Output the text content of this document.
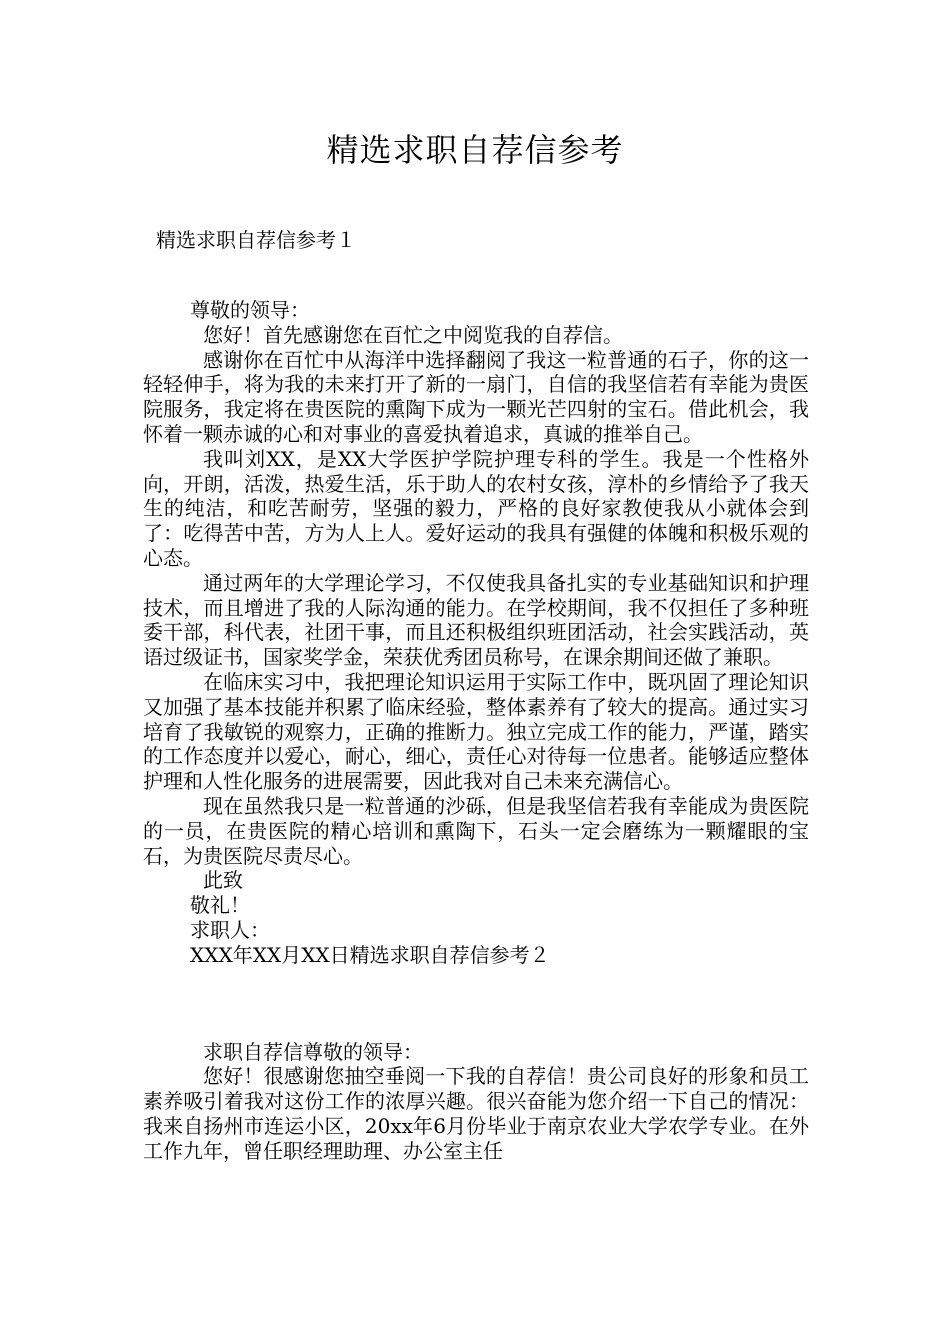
精选求职自荐信参考

精选求职自荐信参考１

尊敬的领导：

您好！首先感谢您在百忙之中阅览我的自荐信。

感谢你在百忙中从海洋中选择翻阅了我这一粒普通的石子，你的这一轻轻伸手，将为我的未来打开了新的一扇门，自信的我坚信若有幸能为贵医院服务，我定将在贵医院的熏陶下成为一颗光芒四射的宝石。借此机会，我怀着一颗赤诚的心和对事业的喜爱执着追求，真诚的推举自己。

我叫刘XX，是XX大学医护学院护理专科的学生。我是一个性格外向，开朗，活泼，热爱生活，乐于助人的农村女孩，淳朴的乡情给予了我天生的纯洁，和吃苦耐劳，坚强的毅力，严格的良好家教使我从小就体会到了：吃得苦中苦，方为人上人。爱好运动的我具有强健的体魄和积极乐观的心态。

通过两年的大学理论学习，不仅使我具备扎实的专业基础知识和护理技术，而且增进了我的人际沟通的能力。在学校期间，我不仅担任了多种班委干部，科代表，社团干事，而且还积极组织班团活动，社会实践活动，英语过级证书，国家奖学金，荣获优秀团员称号，在课余期间还做了兼职。

在临床实习中，我把理论知识运用于实际工作中，既巩固了理论知识又加强了基本技能并积累了临床经验，整体素养有了较大的提高。通过实习培育了我敏锐的观察力，正确的推断力。独立完成工作的能力，严谨，踏实的工作态度并以爱心，耐心，细心，责任心对待每一位患者。能够适应整体护理和人性化服务的进展需要，因此我对自己未来充满信心。

现在虽然我只是一粒普通的沙砾，但是我坚信若我有幸能成为贵医院的一员，在贵医院的精心培训和熏陶下，石头一定会磨练为一颗耀眼的宝石，为贵医院尽责尽心。

此致

敬礼！

求职人：

XXX年XX月XX日精选求职自荐信参考２

求职自荐信尊敬的领导：

您好！很感谢您抽空垂阅一下我的自荐信！贵公司良好的形象和员工素养吸引着我对这份工作的浓厚兴趣。很兴奋能为您介绍一下自己的情况：我来自扬州市连运小区，20xx年6月份毕业于南京农业大学农学专业。在外工作九年，曾任职经理助理、办公室主任
